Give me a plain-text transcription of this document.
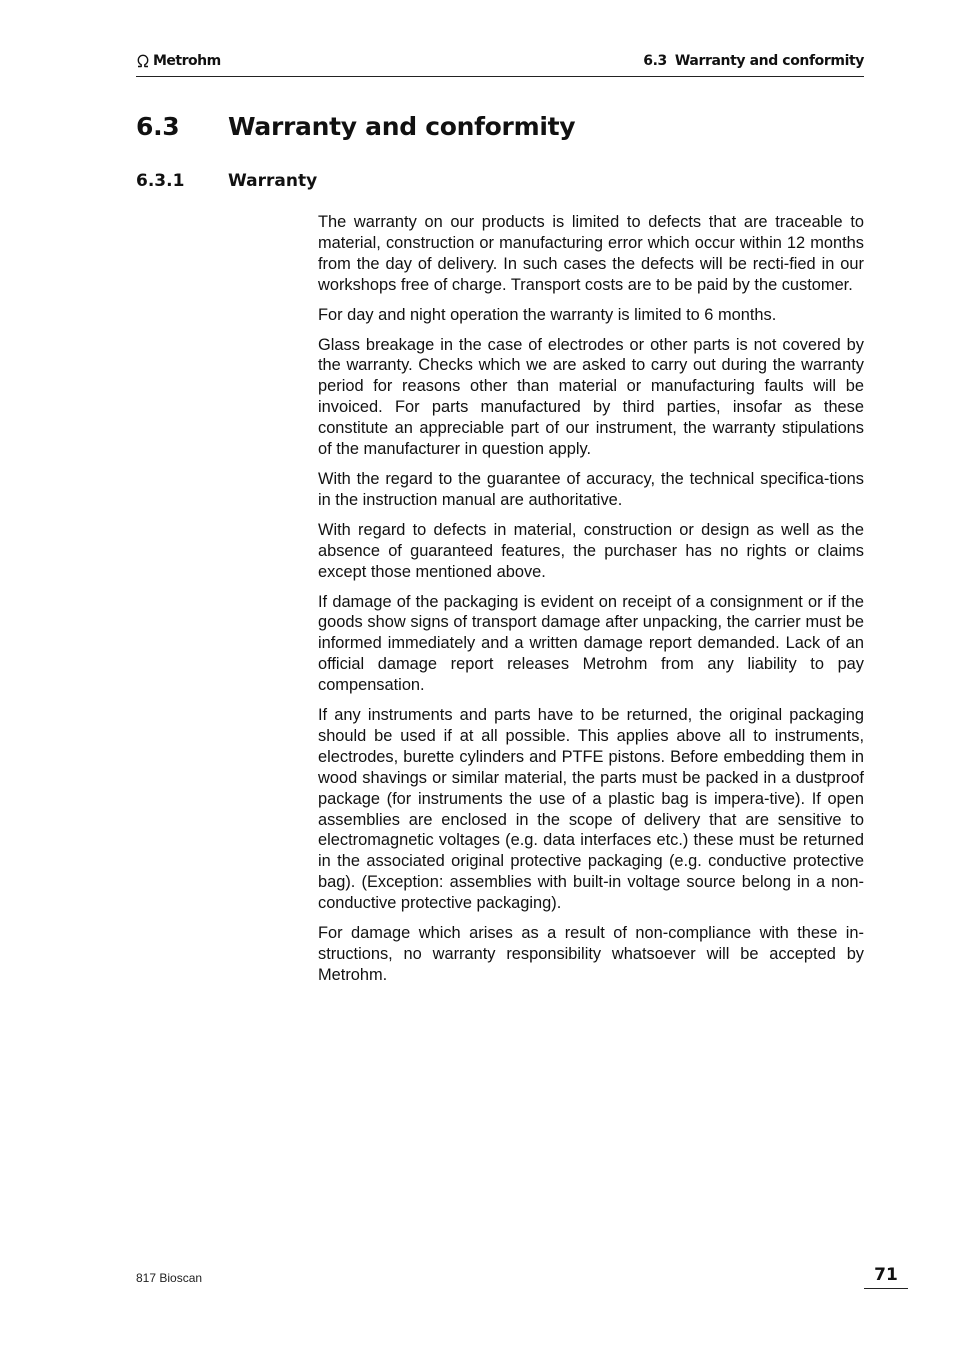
Metrohm	6.3 Warranty and conformity
6.3 Warranty and conformity
6.3.1	Warranty

The warranty on our products is limited to defects that are traceable to material, construction or manufacturing error which occur within 12 months from the day of delivery. In such cases the defects will be recti-fied in our workshops free of charge. Transport costs are to be paid by the customer.

For day and night operation the warranty is limited to 6 months.

Glass breakage in the case of electrodes or other parts is not covered by the warranty. Checks which we are asked to carry out during the warranty period for reasons other than material or manufacturing faults will be invoiced. For parts manufactured by third parties, insofar as these constitute an appreciable part of our instrument, the warranty stipulations of the manufacturer in question apply.

With the regard to the guarantee of accuracy, the technical specifica-tions in the instruction manual are authoritative.

With regard to defects in material, construction or design as well as the absence of guaranteed features, the purchaser has no rights or claims except those mentioned above.

If damage of the packaging is evident on receipt of a consignment or if the goods show signs of transport damage after unpacking, the carrier must be informed immediately and a written damage report demanded. Lack of an official damage report releases Metrohm from any liability to pay compensation.

If any instruments and parts have to be returned, the original packaging should be used if at all possible. This applies above all to instruments, electrodes, burette cylinders and PTFE pistons. Before embedding them in wood shavings or similar material, the parts must be packed in a dustproof package (for instruments the use of a plastic bag is impera-tive). If open assemblies are enclosed in the scope of delivery that are sensitive to electromagnetic voltages (e.g. data interfaces etc.) these must be returned in the associated original protective packaging (e.g. conductive protective bag). (Exception: assemblies with built-in voltage source belong in a non-conductive protective packaging).

For damage which arises as a result of non-compliance with these in-structions, no warranty responsibility whatsoever will be accepted by Metrohm.

817 Bioscan	71
